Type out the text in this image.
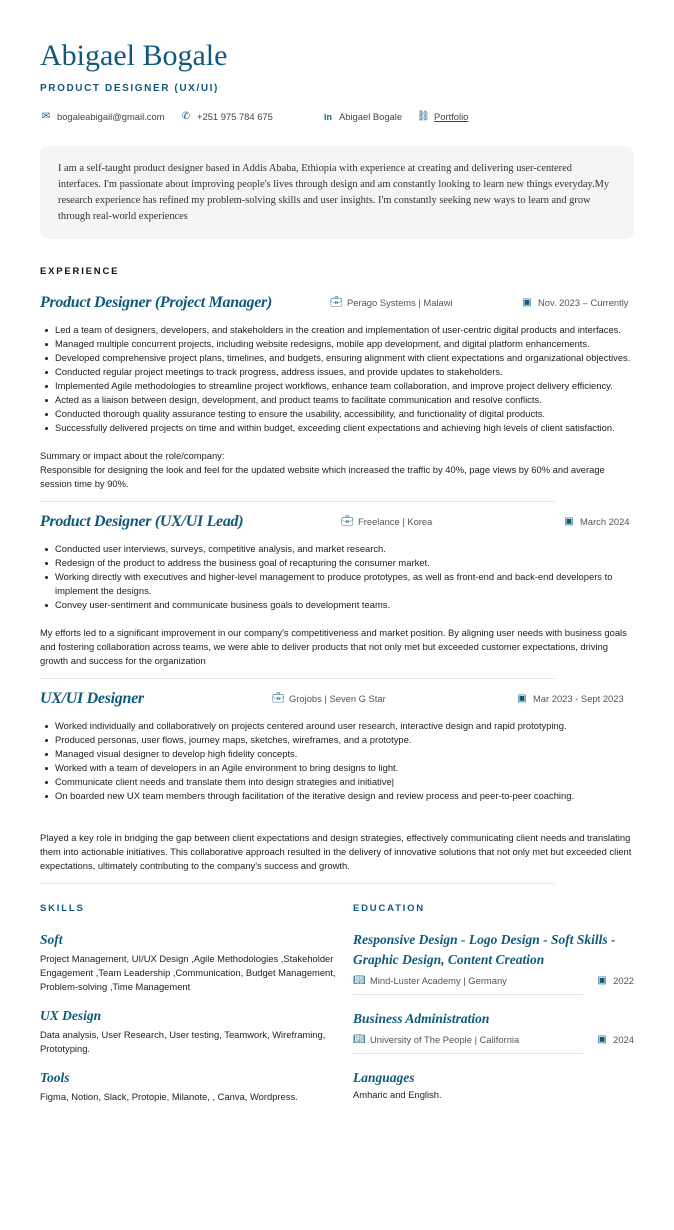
Abigael Bogale
PRODUCT DESIGNER (UX/UI)
✉ bogaleabigail@gmail.com ✆ +251 975 784 675	in Abigael Bogale ⛓ Portfolio
I am a self-taught product designer based in Addis Ababa, Ethiopia with experience at creating and delivering user-centered interfaces. I'm passionate about improving people's lives through design and am constantly looking to learn new things everyday.My research experience has refined my problem-solving skills and user insights. I'm constantly seeking new ways to learn and grow through real-world experiences
EXPERIENCE
Product Designer (Project Manager)	💼︎ Perago Systems | Malawi	▣ Nov. 2023 – Currently
Led a team of designers, developers, and stakeholders in the creation and implementation of user-centric digital products and interfaces.
Managed multiple concurrent projects, including website redesigns, mobile app development, and digital platform enhancements.
Developed comprehensive project plans, timelines, and budgets, ensuring alignment with client expectations and organizational objectives.
Conducted regular project meetings to track progress, address issues, and provide updates to stakeholders.
Implemented Agile methodologies to streamline project workflows, enhance team collaboration, and improve project delivery efficiency.
Acted as a liaison between design, development, and product teams to facilitate communication and resolve conflicts.
Conducted thorough quality assurance testing to ensure the usability, accessibility, and functionality of digital products.
Successfully delivered projects on time and within budget, exceeding client expectations and achieving high levels of client satisfaction.
Summary or impact about the role/company:
Responsible for designing the look and feel for the updated website which increased the traffic by 40%, page views by 60% and average session time by 90%.
Product Designer (UX/UI Lead)	💼︎ Freelance | Korea	▣ March 2024
Conducted user interviews, surveys, competitive analysis, and market research.
Redesign of the product to address the business goal of recapturing the consumer market.
Working directly with executives and higher-level management to produce prototypes, as well as front-end and back-end developers to implement the designs.
Convey user-sentiment and communicate business goals to development teams.
My efforts led to a significant improvement in our company's competitiveness and market position. By aligning user needs with business goals and fostering collaboration across teams, we were able to deliver products that not only met but exceeded customer expectations, driving growth and success for the organization
UX/UI Designer	💼︎ Grojobs | Seven G Star	▣ Mar 2023 - Sept 2023
Worked individually and collaboratively on projects centered around user research, interactive design and rapid prototyping.
Produced personas, user flows, journey maps, sketches, wireframes, and a prototype.
Managed visual designer to develop high fidelity concepts.
Worked with a team of developers in an Agile environment to bring designs to light.
Communicate client needs and translate them into design strategies and initiative|
On boarded new UX team members through facilitation of the iterative design and review process and peer-to-peer coaching.
Played a key role in bridging the gap between client expectations and design strategies, effectively communicating client needs and translating them into actionable initiatives. This collaborative approach resulted in the delivery of innovative solutions that not only met but exceeded client expectations, ultimately contributing to the company's success and growth.
SKILLS
Soft
Project Management, UI/UX Design ,Agile Methodologies ,Stakeholder Engagement ,Team Leadership ,Communication, Budget Management, Problem-solving ,Time Management
UX Design
Data analysis, User Research, User testing, Teamwork, Wireframing, Prototyping.
Tools
Figma, Notion, Slack, Protopie, Milanote, , Canva, Wordpress.
EDUCATION
Responsive Design - Logo Design - Soft Skills - Graphic Design, Content Creation
📖︎ Mind-Luster Academy | Germany	▣ 2022
Business Administration
📖︎ University of The People | California	▣ 2024
Languages
Amharic and English.
